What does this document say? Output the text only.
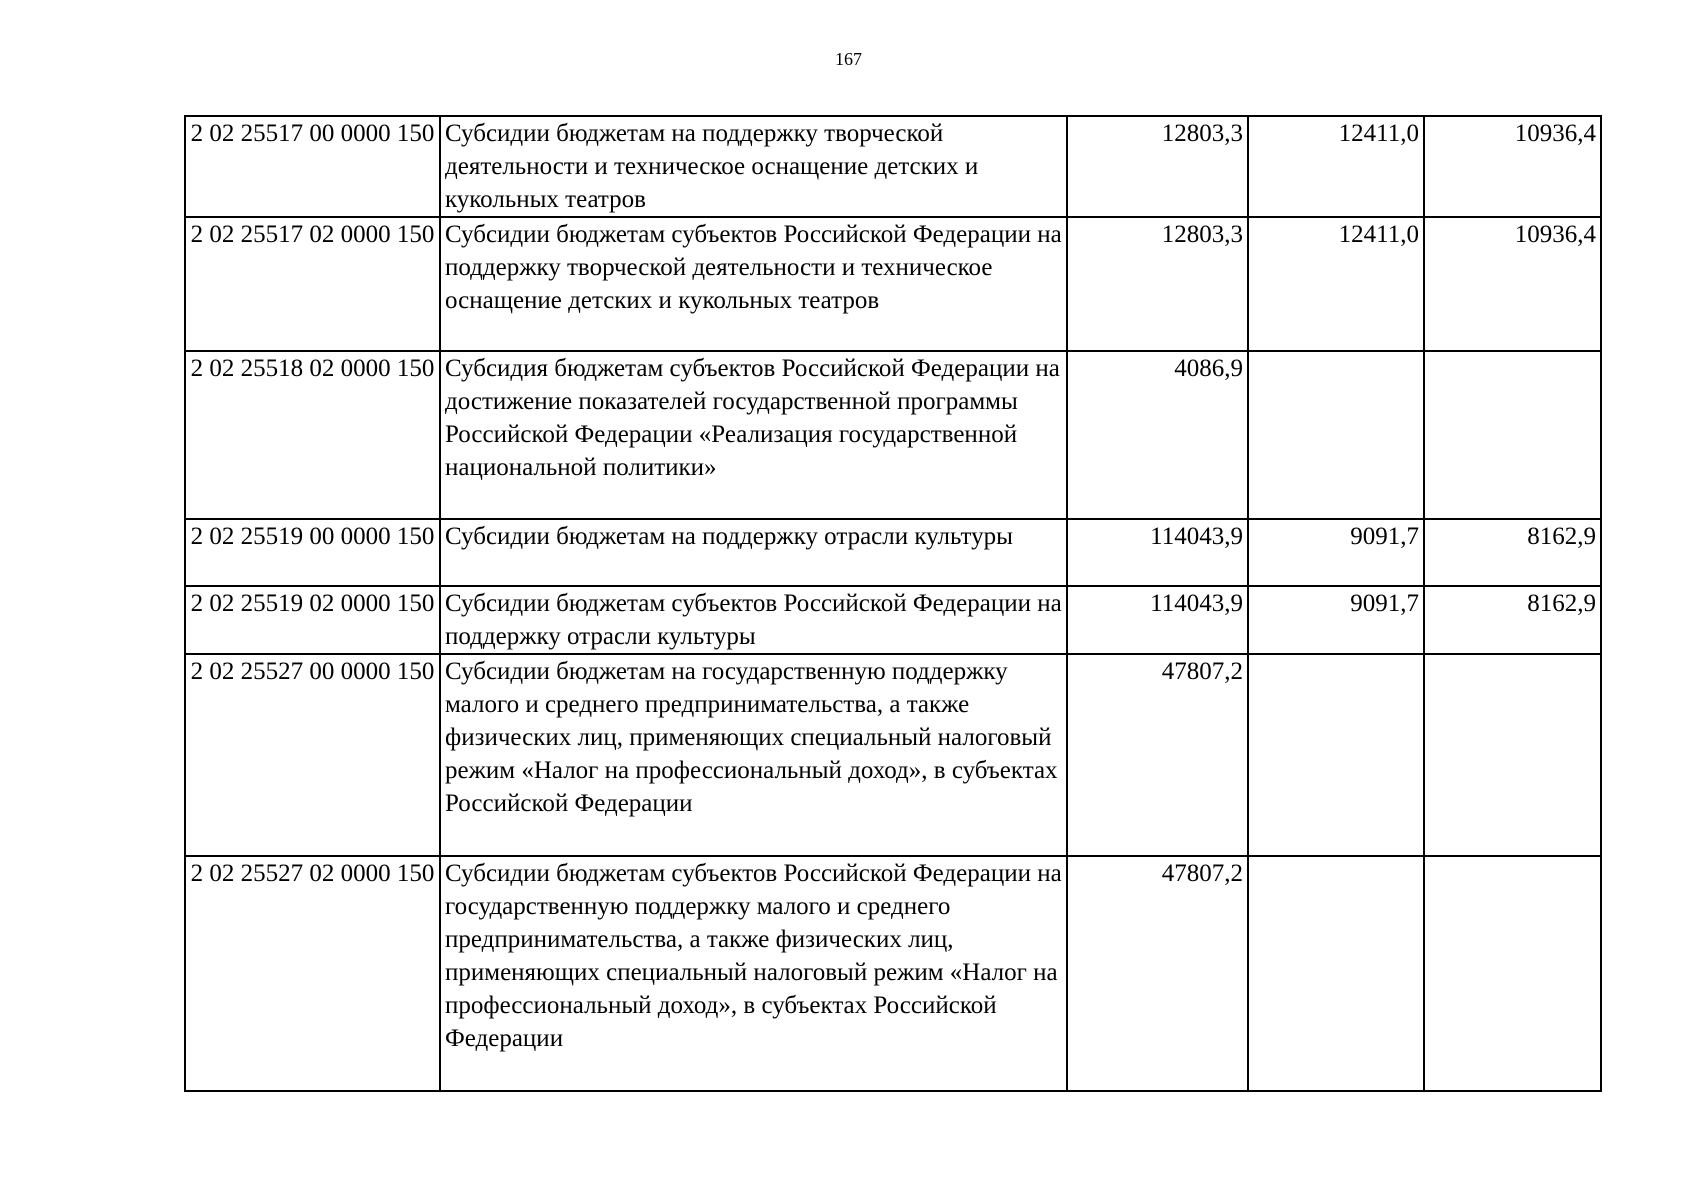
167
2 02 25517 00 0000 150	Субсидии бюджетам на поддержку творческой деятельности и техническое оснащение детских и кукольных театров	12803,3	12411,0	10936,4
2 02 25517 02 0000 150	Субсидии бюджетам субъектов Российской Федерации на поддержку творческой деятельности и техническое оснащение детских и кукольных театров	12803,3	12411,0	10936,4
2 02 25518 02 0000 150	Субсидия бюджетам субъектов Российской Федерации на достижение показателей государственной программы Российской Федерации «Реализация государственной национальной политики»	4086,9		
2 02 25519 00 0000 150	Субсидии бюджетам на поддержку отрасли культуры	114043,9	9091,7	8162,9
2 02 25519 02 0000 150	Субсидии бюджетам субъектов Российской Федерации на поддержку отрасли культуры	114043,9	9091,7	8162,9
2 02 25527 00 0000 150	Субсидии бюджетам на государственную поддержку малого и среднего предпринимательства, а также физических лиц, применяющих специальный налоговый режим «Налог на профессиональный доход», в субъектах Российской Федерации	47807,2		
2 02 25527 02 0000 150	Субсидии бюджетам субъектов Российской Федерации на государственную поддержку малого и среднего предпринимательства, а также физических лиц, применяющих специальный налоговый режим «Налог на профессиональный доход», в субъектах Российской Федерации	47807,2		
